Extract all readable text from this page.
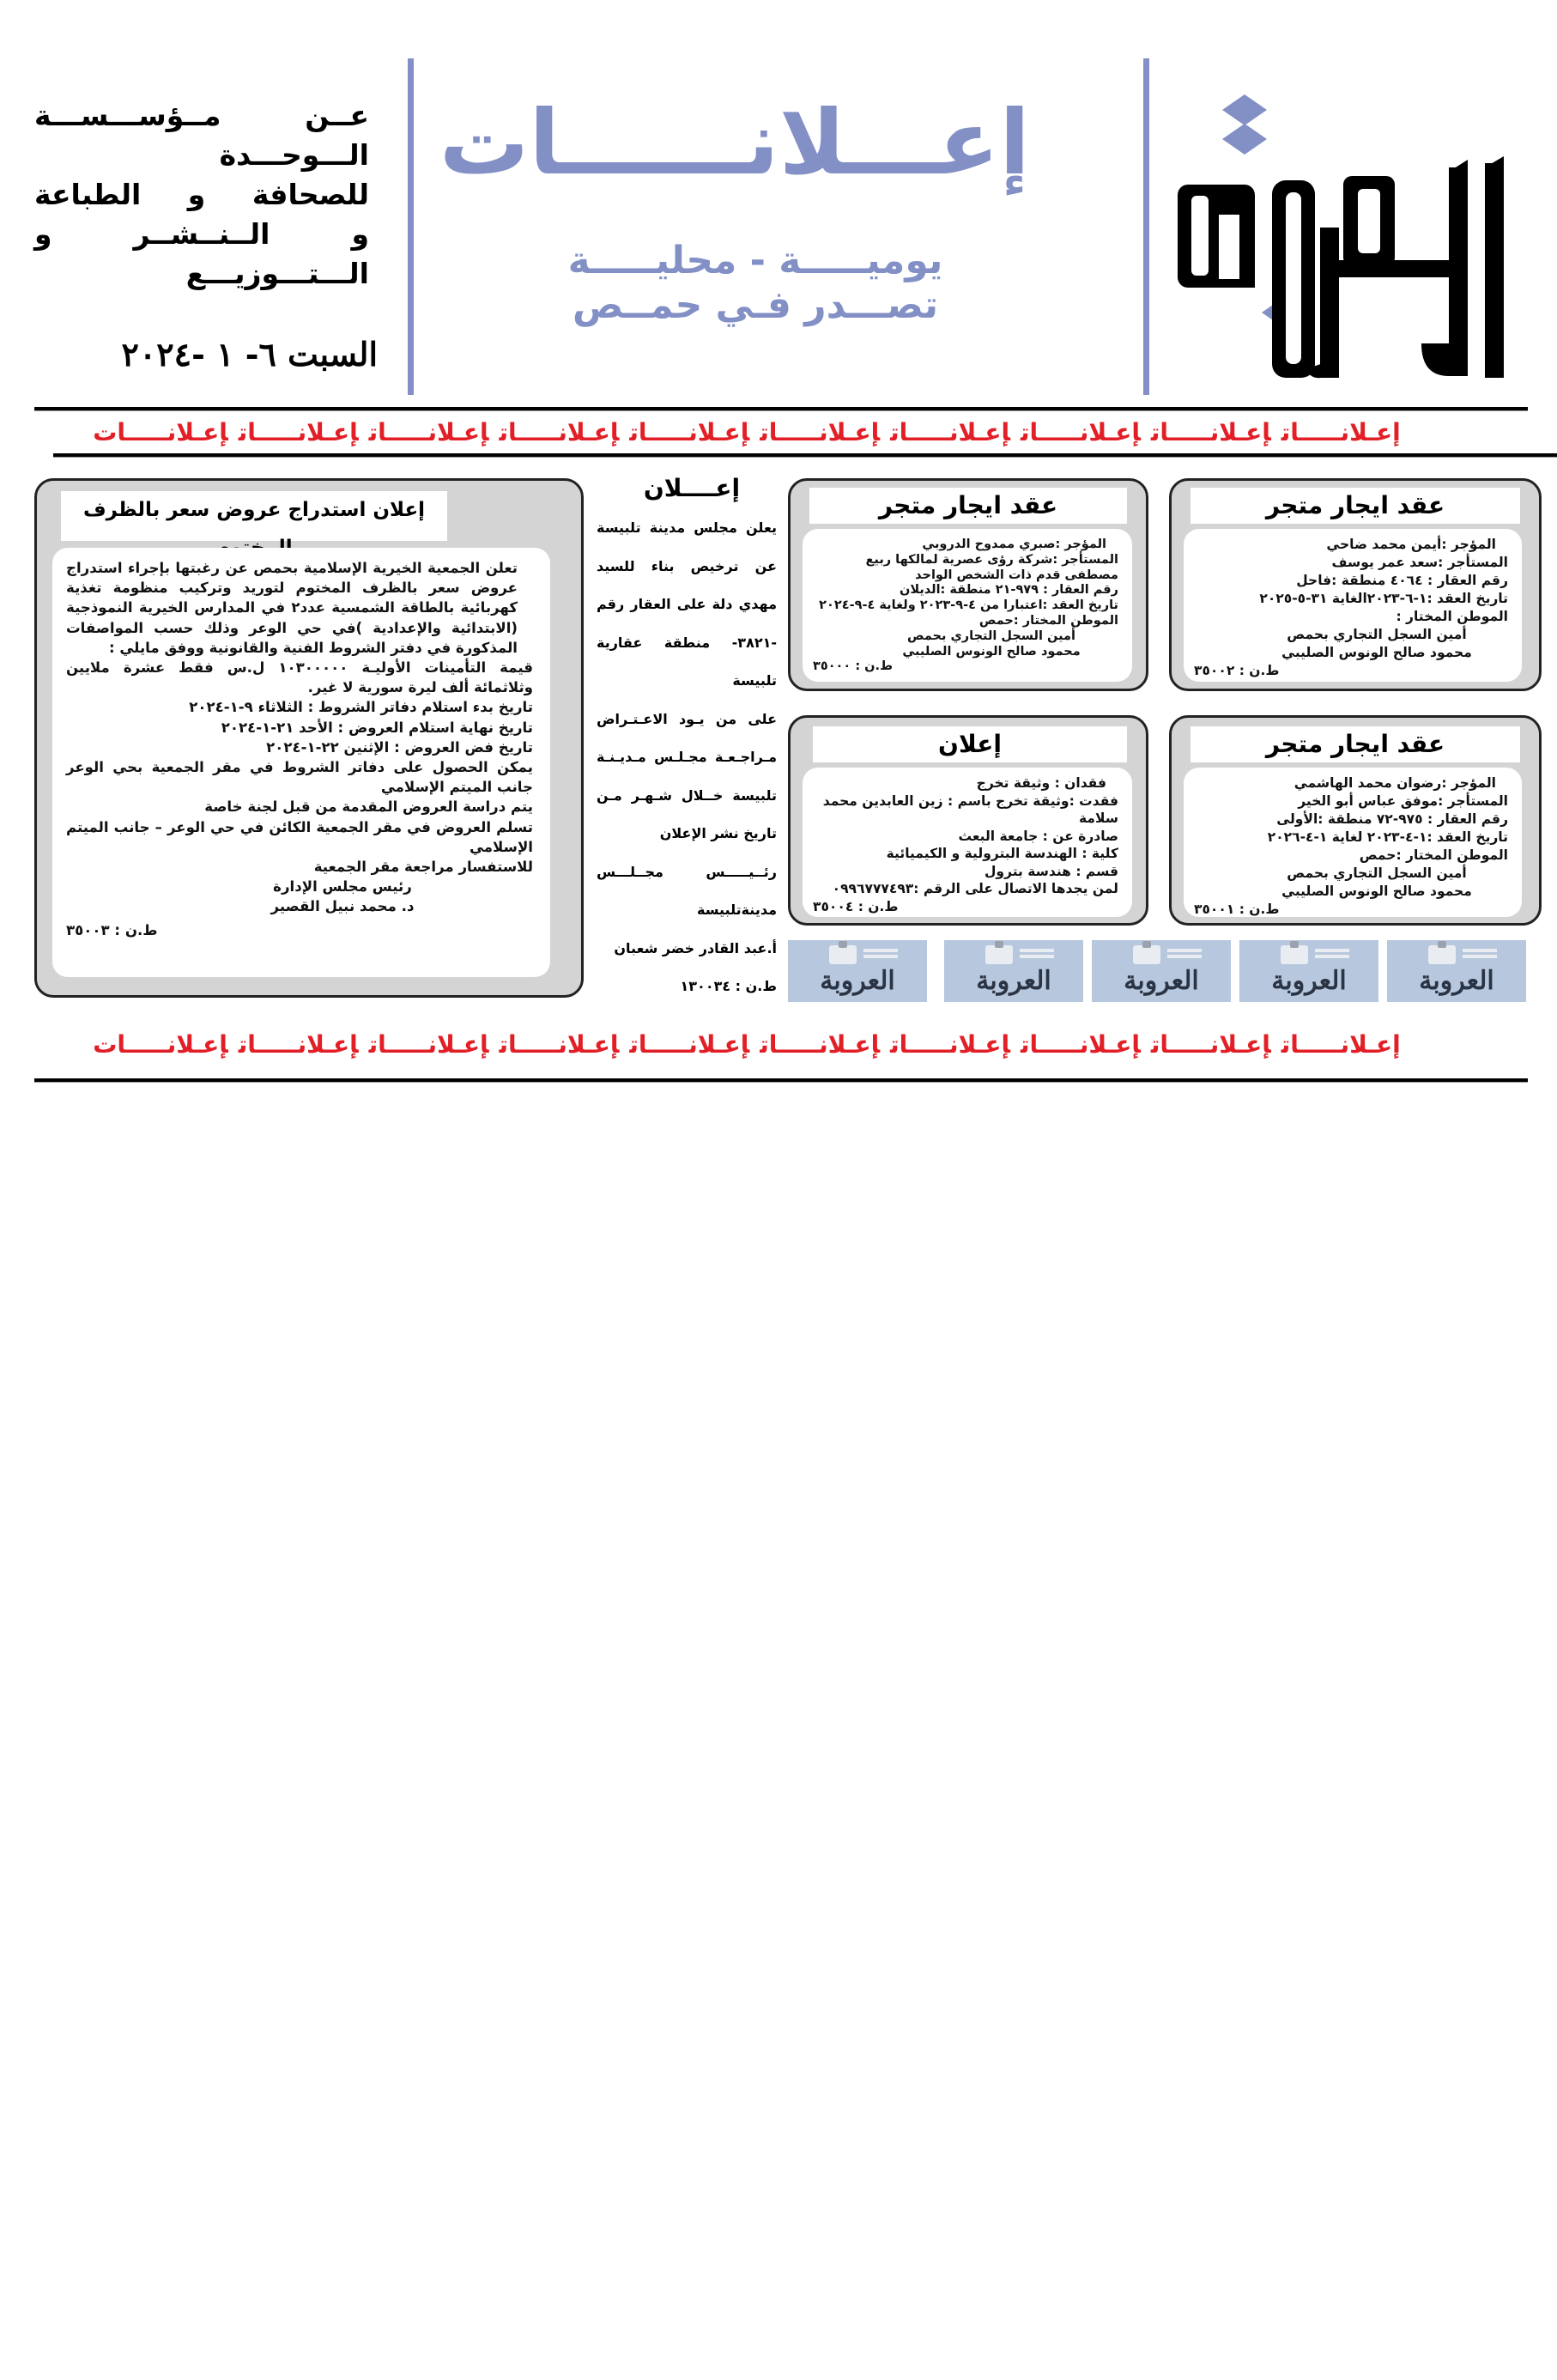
عــن مــؤســـســـة الـــوحـــدة
للصحافة و الطباعة
و الــنــشــر و الـــتـــوزيـــع
السبت ٦- ١ -٢٠٢٤
إعـــلانــــــات
يوميـــــة - محليـــــة
تصـــدر فـي حمــص
إعـلانـــــاتإعـلانـــــاتإعـلانـــــاتإعـلانـــــاتإعـلانـــــاتإعـلانـــــاتإعـلانـــــاتإعـلانـــــاتإعـلانـــــاتإعـلانـــــات
عقد ايجار متجر
المؤجر :أيمن محمد ضاحي
المستأجر :سعد عمر يوسف
رقم العقار : ٤٠٦٤ منطقة :فاحل
تاريخ العقد :١-٦-٢٠٢٣الغاية ٣١-٥-٢٠٢٥
الموطن المختار :
أمين السجل التجاري بحمص
محمود صالح الونوس الصليبي
ط.ن : ٣٥٠٠٢
عقد ايجار متجر
المؤجر :صبري ممدوح الدروبي
المستأجر :شركة رؤى عصرية لمالكها ربيع مصطفى قدم ذات الشخص الواحد
رقم العقار : ٩٧٩-٢١ منطقة :الديلان
تاريخ العقد :اعتبارا من ٤-٩-٢٠٢٣ ولغاية ٤-٩-٢٠٢٤
الموطن المختار :حمص
أمين السجل التجاري بحمص
محمود صالح الونوس الصليبي
ط.ن : ٣٥٠٠٠
عقد ايجار متجر
المؤجر :رضوان محمد الهاشمي
المستأجر :موفق عباس أبو الخير
رقم العقار : ٩٧٥-٧٢ منطقة :الأولى
تاريخ العقد :١-٤-٢٠٢٣ لغاية ١-٤-٢٠٢٦
الموطن المختار :حمص
أمين السجل التجاري بحمص
محمود صالح الونوس الصليبي
ط.ن : ٣٥٠٠١
إعلان
فقدان : وثيقة تخرج
فقدت :وثيقة تخرج باسم : زين العابدين محمد سلامة
صادرة عن : جامعة البعث
كلية : الهندسة البترولية و الكيميائية
قسم : هندسة بترول
لمن يجدها الاتصال على الرقم :٠٩٩٦٧٧٧٤٩٣
ط.ن : ٣٥٠٠٤
إعــــلان
يعلن مجلس مدينة تلبيسة
عن ترخيص بناء للسيد
مهدي دلة على العقار رقم
-٣٨٢١- منطقة عقارية
تلبيسة
على من يـود الاعـتـراض
مـراجـعـة مجـلـس مـديـنـة
تلبيسة خــلال شـهـر مـن
تاريخ نشر الإعلان
رئــيـــــس مجــلـــس
مدينةتلبيسة
أ.عبد القادر خضر شعبان
ط.ن : ١٣٠٠٣٤
إعلان استدراج عروض سعر بالظرف
تعلن الجمعية الخيرية الإسلامية بحمص عن رغبتها بإجراء استدراج عروض سعر بالظرف المختوم لتوريد وتركيب منظومة تغذية كهربائية بالطاقة الشمسية عدد٢ في المدارس الخيرية النموذجية (الابتدائية والإعدادية )في حي الوعر وذلك حسب المواصفات المذكورة في دفتر الشروط الفنية والقانونية ووفق مايلي :
قيمة التأمينات الأوليـة ١٠٣٠٠٠٠٠ ل.س فقط عشرة ملايين وثلاثمائة ألف ليرة سورية لا غير.
تاريخ بدء استلام دفاتر الشروط : الثلاثاء ٩-١-٢٠٢٤
تاريخ نهاية استلام العروض : الأحد ٢١-١-٢٠٢٤
تاريخ فض العروض : الإثنين ٢٢-١-٢٠٢٤
يمكن الحصول على دفاتر الشروط في مقر الجمعية بحي الوعر جانب الميتم الإسلامي
يتم دراسة العروض المقدمة من قبل لجنة خاصة
تسلم العروض في مقر الجمعية الكائن في حي الوعر – جانب الميتم الإسلامي
للاستفسار مراجعة مقر الجمعية
رئيس مجلس الإدارة
د. محمد نبيل القصير
ط.ن : ٣٥٠٠٣
العروبة
العروبة
العروبة
العروبة
العروبة
إعـلانـــــاتإعـلانـــــاتإعـلانـــــاتإعـلانـــــاتإعـلانـــــاتإعـلانـــــاتإعـلانـــــاتإعـلانـــــاتإعـلانـــــاتإعـلانـــــات
